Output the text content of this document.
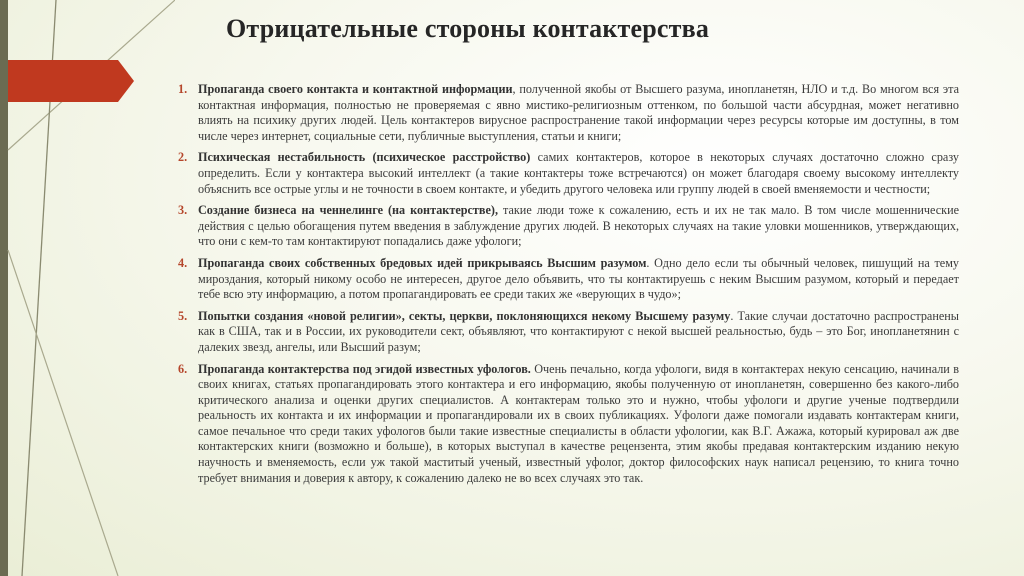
Отрицательные стороны контактерства
1. Пропаганда своего контакта и контактной информации, полученной якобы от Высшего разума, инопланетян, НЛО и т.д. Во многом вся эта контактная информация, полностью не проверяемая с явно мистико-религиозным оттенком, по большой части абсурдная, может негативно влиять на психику других людей. Цель контактеров вирусное распространение такой информации через ресурсы которые им доступны, в том числе через интернет, социальные сети, публичные выступления, статьи и книги;
2. Психическая нестабильность (психическое расстройство) самих контактеров, которое в некоторых случаях достаточно сложно сразу определить. Если у контактера высокий интеллект (а такие контактеры тоже встречаются) он может благодаря своему высокому интеллекту объяснить все острые углы и не точности в своем контакте, и убедить другого человека или группу людей в своей вменяемости и честности;
3. Создание бизнеса на ченнелинге (на контактерстве), такие люди тоже к сожалению, есть и их не так мало. В том числе мошеннические действия с целью обогащения путем введения в заблуждение других людей. В некоторых случаях на такие уловки мошенников, утверждающих, что они с кем-то там контактируют попадались даже уфологи;
4. Пропаганда своих собственных бредовых идей прикрываясь Высшим разумом. Одно дело если ты обычный человек, пишущий на тему мироздания, который никому особо не интересен, другое дело объявить, что ты контактируешь с неким Высшим разумом, который и передает тебе всю эту информацию, а потом пропагандировать ее среди таких же «верующих в чудо»;
5. Попытки создания «новой религии», секты, церкви, поклоняющихся некому Высшему разуму. Такие случаи достаточно распространены как в США, так и в России, их руководители сект, объявляют, что контактируют с некой высшей реальностью, будь – это Бог, инопланетянин с далеких звезд, ангелы, или Высший разум;
6. Пропаганда контактерства под эгидой известных уфологов. Очень печально, когда уфологи, видя в контактерах некую сенсацию, начинали в своих книгах, статьях пропагандировать этого контактера и его информацию, якобы полученную от инопланетян, совершенно без какого-либо критического анализа и оценки других специалистов. А контактерам только это и нужно, чтобы уфологи и другие ученые подтвердили реальность их контакта и их информации и пропагандировали их в своих публикациях. Уфологи даже помогали издавать контактерам книги, самое печальное что среди таких уфологов были такие известные специалисты в области уфологии, как В.Г. Ажажа, который курировал аж две контактерских книги (возможно и больше), в которых выступал в качестве рецензента, этим якобы предавая контактерским изданию некую научность и вменяемость, если уж такой маститый ученый, известный уфолог, доктор философских наук написал рецензию, то книга точно требует внимания и доверия к автору, к сожалению далеко не во всех случаях это так.
